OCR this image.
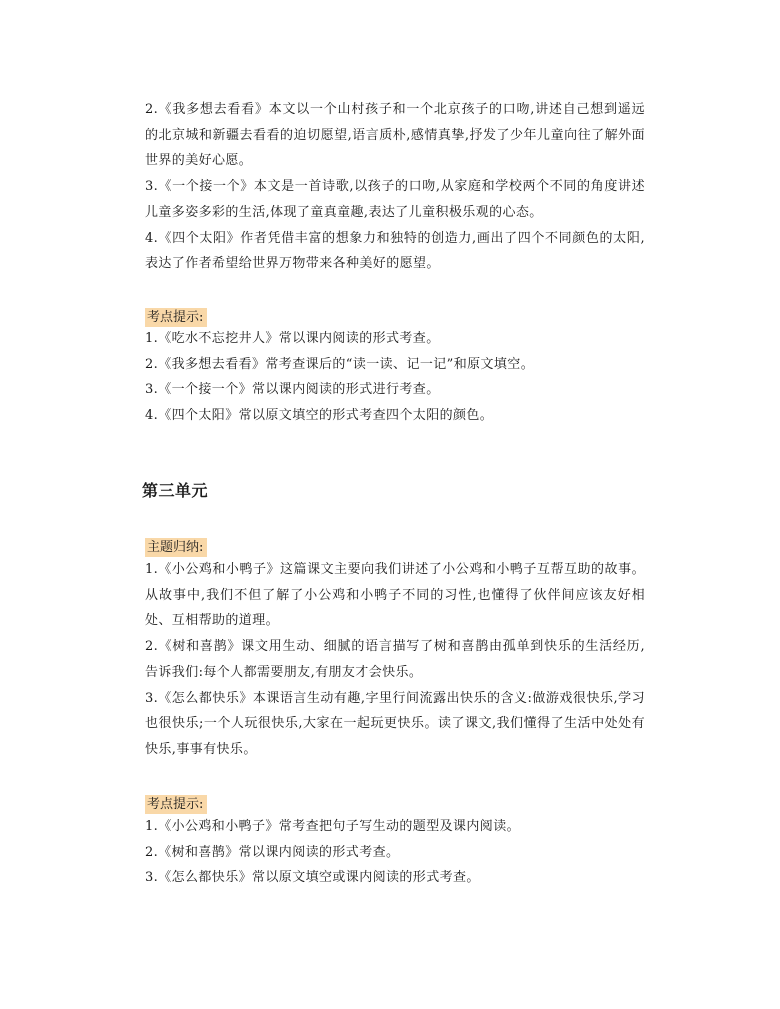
2.《我多想去看看》本文以一个山村孩子和一个北京孩子的口吻,讲述自己想到遥远的北京城和新疆去看看的迫切愿望,语言质朴,感情真挚,抒发了少年儿童向往了解外面世界的美好心愿。

3.《一个接一个》本文是一首诗歌,以孩子的口吻,从家庭和学校两个不同的角度讲述儿童多姿多彩的生活,体现了童真童趣,表达了儿童积极乐观的心态。

4.《四个太阳》作者凭借丰富的想象力和独特的创造力,画出了四个不同颜色的太阳,表达了作者希望给世界万物带来各种美好的愿望。

考点提示:

1.《吃水不忘挖井人》常以课内阅读的形式考查。

2.《我多想去看看》常考查课后的“读一读、记一记”和原文填空。

3.《一个接一个》常以课内阅读的形式进行考查。

4.《四个太阳》常以原文填空的形式考查四个太阳的颜色。

第三单元

主题归纳:

1.《小公鸡和小鸭子》这篇课文主要向我们讲述了小公鸡和小鸭子互帮互助的故事。从故事中,我们不但了解了小公鸡和小鸭子不同的习性,也懂得了伙伴间应该友好相处、互相帮助的道理。

2.《树和喜鹊》课文用生动、细腻的语言描写了树和喜鹊由孤单到快乐的生活经历,告诉我们:每个人都需要朋友,有朋友才会快乐。

3.《怎么都快乐》本课语言生动有趣,字里行间流露出快乐的含义:做游戏很快乐,学习也很快乐;一个人玩很快乐,大家在一起玩更快乐。读了课文,我们懂得了生活中处处有快乐,事事有快乐。

考点提示:

1.《小公鸡和小鸭子》常考查把句子写生动的题型及课内阅读。

2.《树和喜鹊》常以课内阅读的形式考查。

3.《怎么都快乐》常以原文填空或课内阅读的形式考查。
